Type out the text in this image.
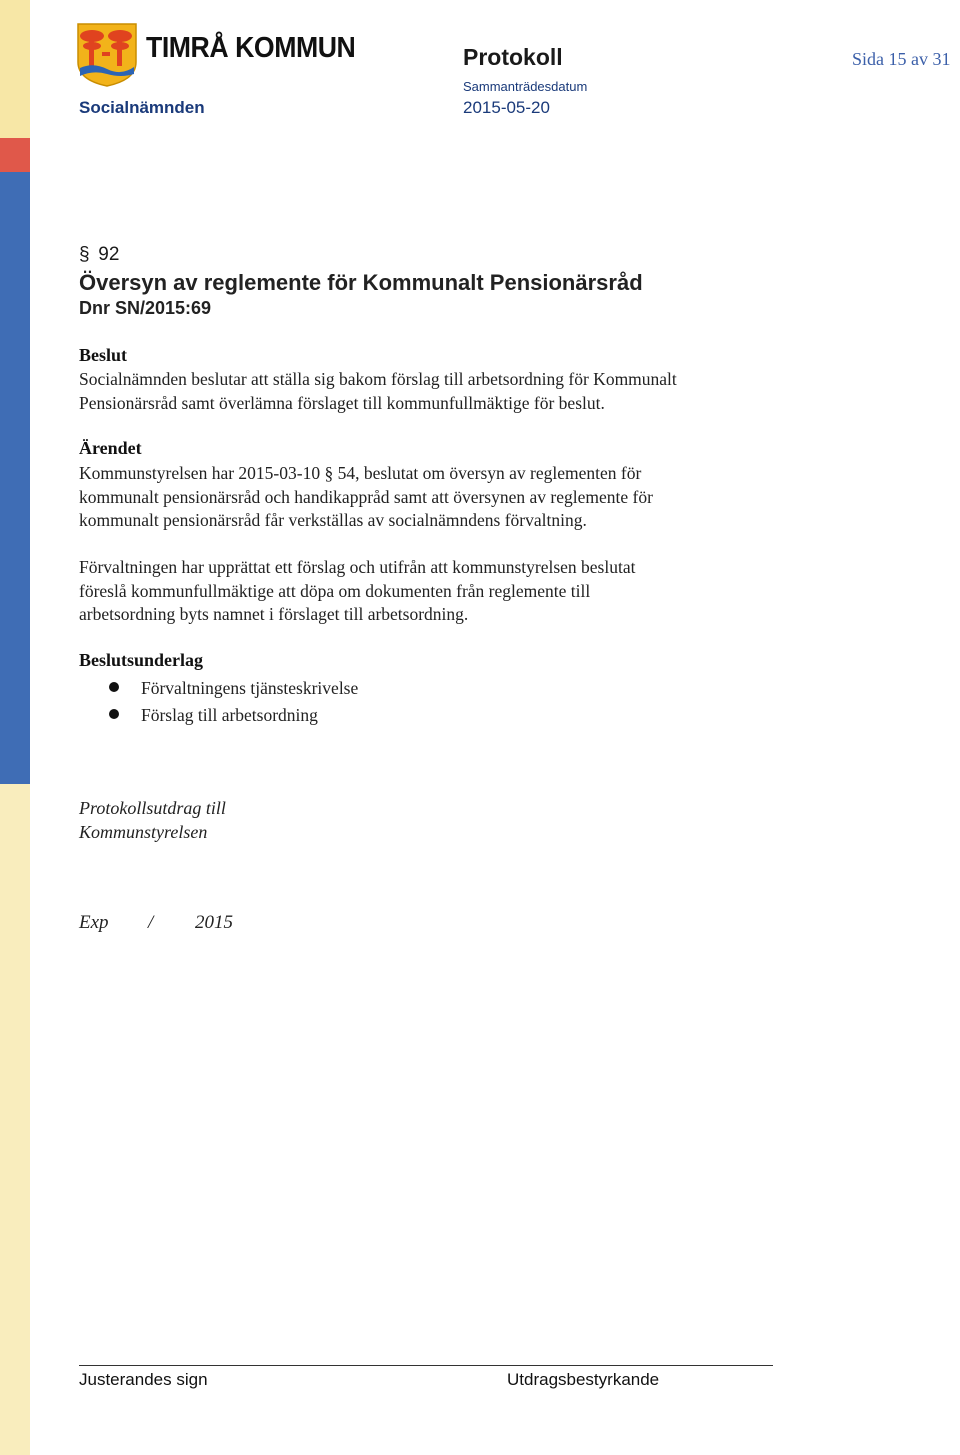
TIMRÅ KOMMUN	Protokoll	Sida 15 av 31
Sammanträdesdatum
Socialnämnden	2015-05-20
§ 92
Översyn av reglemente för Kommunalt Pensionärsråd
Dnr SN/2015:69
Beslut

Socialnämnden beslutar att ställa sig bakom förslag till arbetsordning för Kommunalt

Pensionärsråd samt överlämna förslaget till kommunfullmäktige för beslut.

Ärendet

Kommunstyrelsen har 2015-03-10 § 54, beslutat om översyn av reglementen för

kommunalt pensionärsråd och handikappråd samt att översynen av reglemente för

kommunalt pensionärsråd får verkställas av socialnämndens förvaltning.

Förvaltningen har upprättat ett förslag och utifrån att kommunstyrelsen beslutat

föreslå kommunfullmäktige att döpa om dokumenten från reglemente till

arbetsordning byts namnet i förslaget till arbetsordning.

Beslutsunderlag
Förvaltningens tjänsteskrivelse
Förslag till arbetsordning
Protokollsutdrag till
Kommunstyrelsen
Exp / 2015
Justerandes sign	Utdragsbestyrkande
